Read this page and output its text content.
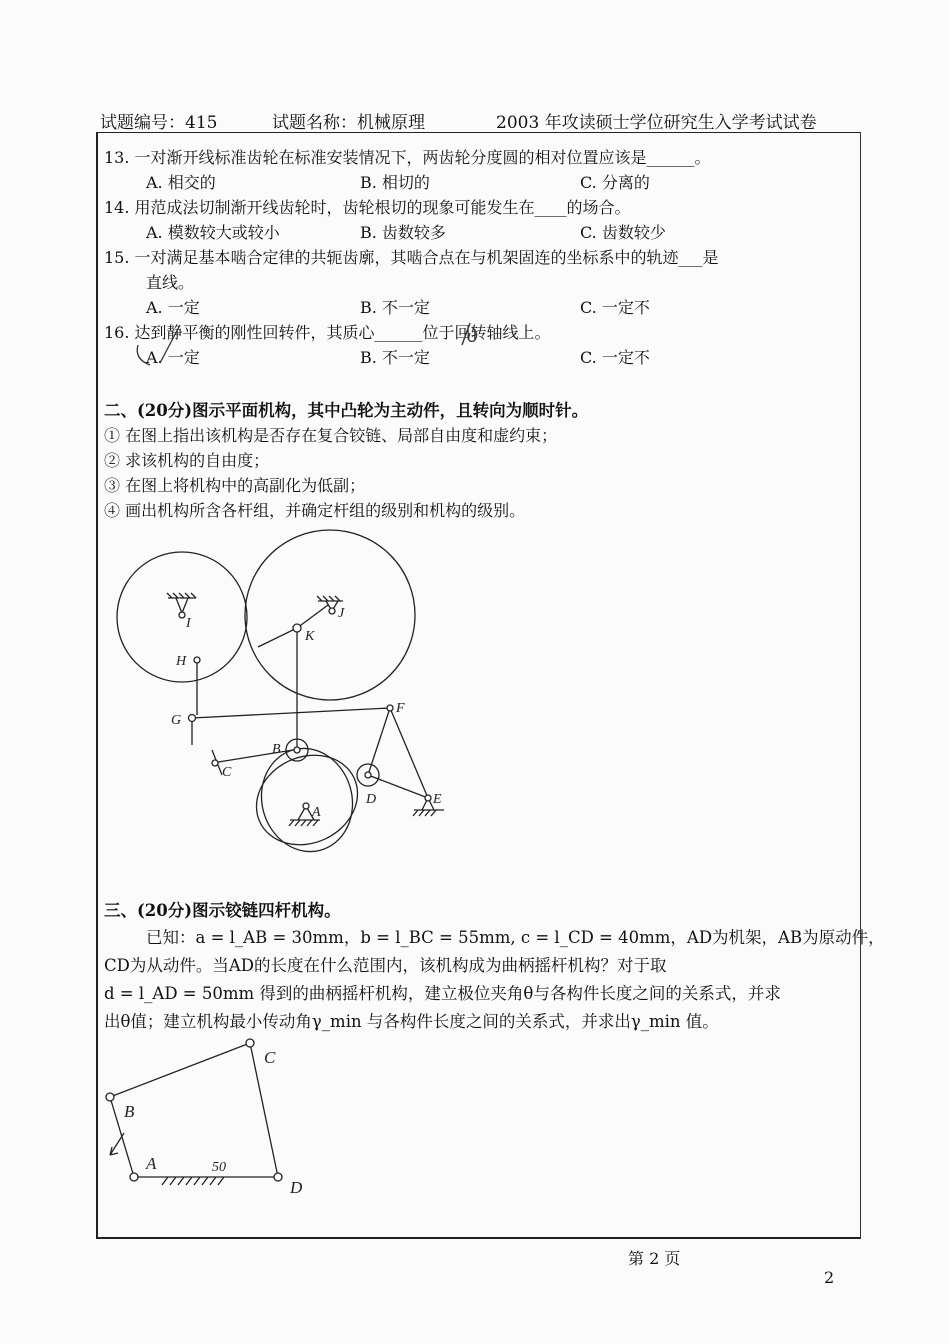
试题编号：415	试题名称：机械原理	2003 年攻读硕士学位研究生入学考试试卷
13. 一对渐开线标准齿轮在标准安装情况下，两齿轮分度圆的相对位置应该是______。
A. 相交的	B. 相切的	C. 分离的
14. 用范成法切制渐开线齿轮时，齿轮根切的现象可能发生在____的场合。
A. 模数较大或较小	B. 齿数较多	C. 齿数较少
15. 一对满足基本啮合定律的共轭齿廓，其啮合点在与机架固连的坐标系中的轨迹___是
直线。
A. 一定	B. 不一定	C. 一定不
16. 达到静平衡的刚性回转件，其质心______位于回转轴线上。
A. 一定	B. 不一定	C. 一定不
二、(20分)图示平面机构，其中凸轮为主动件，且转向为顺时针。
① 在图上指出该机构是否存在复合铰链、局部自由度和虚约束；
② 求该机构的自由度；
③ 在图上将机构中的高副化为低副；
④ 画出机构所含各杆组，并确定杆组的级别和机构的级别。
I
J
K
H
G
F
B
C
A
D	E
三、(20分)图示铰链四杆机构。
已知：a = l_AB = 30mm，b = l_BC = 55mm, c = l_CD = 40mm，AD为机架，AB为原动件，
CD为从动件。当AD的长度在什么范围内，该机构成为曲柄摇杆机构？对于取
d = l_AD = 50mm 得到的曲柄摇杆机构，建立极位夹角θ与各构件长度之间的关系式，并求
出θ值；建立机构最小传动角γ_min 与各构件长度之间的关系式，并求出γ_min 值。
B
C
A
D
50
第 2 页
2
